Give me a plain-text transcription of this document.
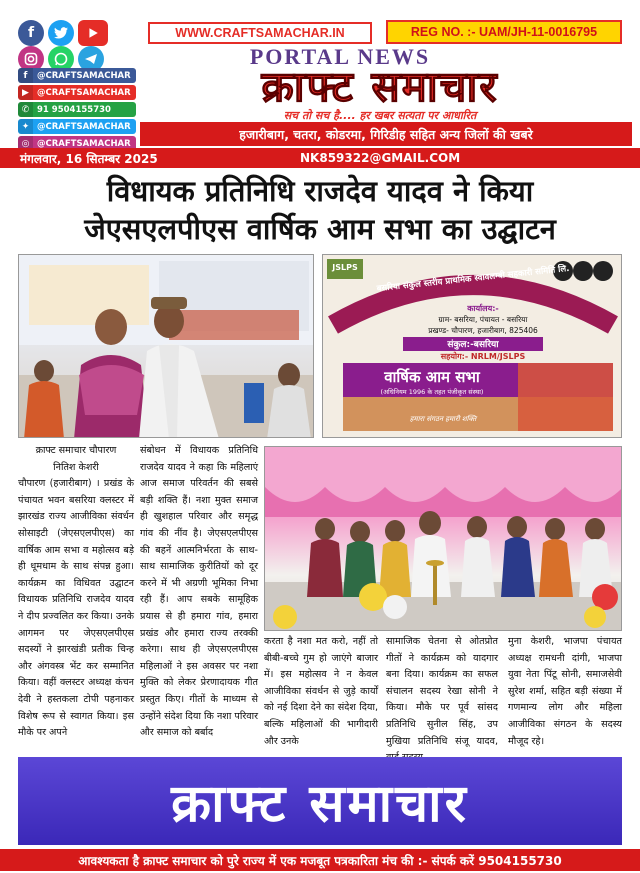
f
f	@CRAFTSAMACHAR
▶ @CRAFTSAMACHAR
✆ 91 9504155730
✦ @CRAFTSAMACHAR
◎ @CRAFTSAMACHAR
WWW.CRAFTSAMACHAR.IN	REG NO. :- UAM/JH-11-0016795
PORTAL NEWS
क्राफ्ट समाचार
सच तो सच है.... हर खबर सत्यता पर आधारित
हजारीबाग, चतरा, कोडरमा, गिरिडीह सहित अन्य जिलों की खबरे
मंगलवार, 16 सितम्बर 2025	NK859322@GMAIL.COM
विधायक प्रतिनिधि राजदेव यादव ने किया
जेएसएलपीएस वार्षिक आम सभा का उद्घाटन
JSLPS	बसरिया संकुल स्तरीय प्राथमिक स्वावलम्बी सहकारी समिति लि.
कार्यालय:-
ग्राम- बसरिया, पंचायत - बसरिया
प्रखण्ड- चौपारण, हजारीबाग, 825406
संकुल:-बसरिया
सहयोग:- NRLM/JSLPS
वार्षिक आम सभा
(अधिनियम 1996 के तहत पंजीकृत संस्था)
हमारा संगठन हमारी शक्ति
क्राफ्ट समाचार चौपारण
नितिश केशरी
चौपारण (हजारीबाग) । प्रखंड के पंचायत भवन बसरिया क्लस्टर में झारखंड राज्य आजीविका संवर्धन सोसाइटी (जेएसएलपीएस) का वार्षिक आम सभा व महोत्सव बड़े ही धूमधाम के साथ संपन्न हुआ। कार्यक्रम का विधिवत उद्घाटन विधायक प्रतिनिधि राजदेव यादव ने दीप प्रज्वलित कर किया। उनके आगमन पर जेएसएलपीएस सदस्यों ने झारखंडी प्रतीक चिन्ह और अंगवस्त्र भेंट कर सम्मानित किया। वहीं क्लस्टर अध्यक्ष कंचन देवी ने हस्तकला टोपी पहनाकर विशेष रूप से स्वागत किया। इस मौके पर अपने
संबोधन में विधायक प्रतिनिधि राजदेव यादव ने कहा कि महिलाएं आज समाज परिवर्तन की सबसे बड़ी शक्ति हैं। नशा मुक्त समाज ही खुशहाल परिवार और समृद्ध गांव की नींव है। जेएसएलपीएस की बहनें आत्मनिर्भरता के साथ-साथ सामाजिक कुरीतियों को दूर करने में भी अग्रणी भूमिका निभा रही हैं। आप सबके सामूहिक प्रयास से ही हमारा गांव, हमारा प्रखंड और हमारा राज्य तरक्की करेगा। साथ ही जेएसएलपीएस महिलाओं ने इस अवसर पर नशा मुक्ति को लेकर प्रेरणादायक गीत प्रस्तुत किए। गीतों के माध्यम से उन्होंने संदेश दिया कि नशा परिवार और समाज को बर्बाद
करता है नशा मत करो, नहीं तो बीबी-बच्चे गुम हो जाएंगे बाजार में। इस महोत्सव ने न केवल आजीविका संवर्धन से जुड़े कार्यों को नई दिशा देने का संदेश दिया, बल्कि महिलाओं की भागीदारी और उनके
सामाजिक चेतना से ओतप्रोत गीतों ने कार्यक्रम को यादगार बना दिया। कार्यक्रम का सफल संचालन सदस्य रेखा सोनी ने किया। मौके पर पूर्व सांसद प्रतिनिधि सुनील सिंह, उप मुखिया प्रतिनिधि संजू यादव,
मुना केशरी, भाजपा पंचायत अध्यक्ष रामधनी दांगी, भाजपा युवा नेता पिंटू सोनी, समाजसेवी सुरेश शर्मा, सहित बड़ी संख्या में गणमान्य लोग और महिला आजीविका संगठन के सदस्य मौजूद रहे।
क्राफ्ट समाचार
आवश्यकता है क्राफ्ट समाचार को पुरे राज्य में एक मजबूत पत्रकारिता मंच की :- संपर्क करें 9504155730
